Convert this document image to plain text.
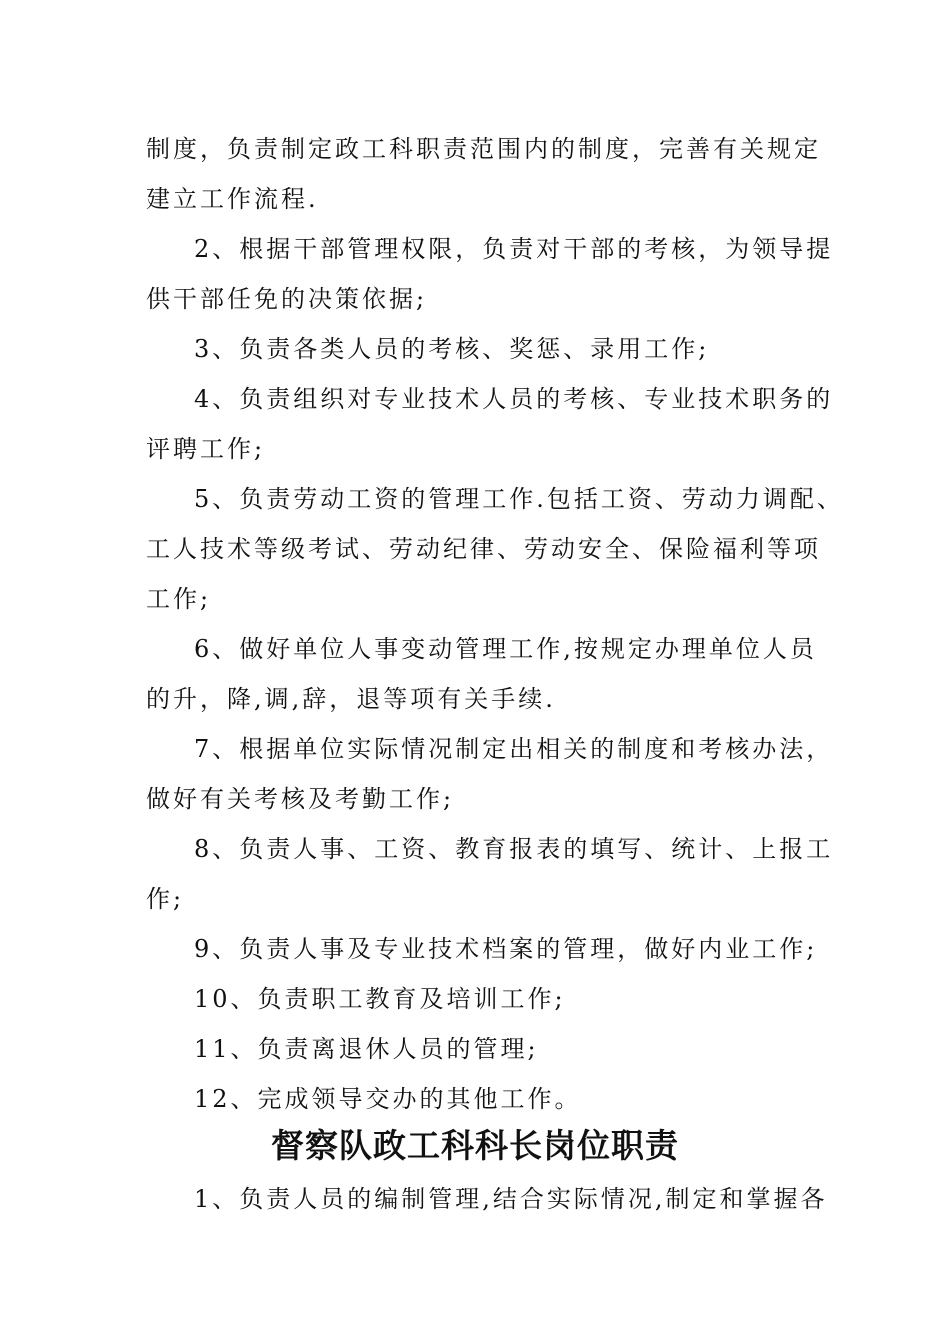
制度，负责制定政工科职责范围内的制度，完善有关规定
建立工作流程.
2、根据干部管理权限，负责对干部的考核，为领导提
供干部任免的决策依据;
3、负责各类人员的考核、奖惩、录用工作;
4、负责组织对专业技术人员的考核、专业技术职务的
评聘工作;
5、负责劳动工资的管理工作.包括工资、劳动力调配、
工人技术等级考试、劳动纪律、劳动安全、保险福利等项
工作;
6、做好单位人事变动管理工作,按规定办理单位人员
的升，降,调,辞，退等项有关手续.
7、根据单位实际情况制定出相关的制度和考核办法，
做好有关考核及考勤工作;
8、负责人事、工资、教育报表的填写、统计、上报工
作;
9、负责人事及专业技术档案的管理，做好内业工作;
10、负责职工教育及培训工作;
11、负责离退休人员的管理;
12、完成领导交办的其他工作。
督察队政工科科长岗位职责
1、负责人员的编制管理,结合实际情况,制定和掌握各
